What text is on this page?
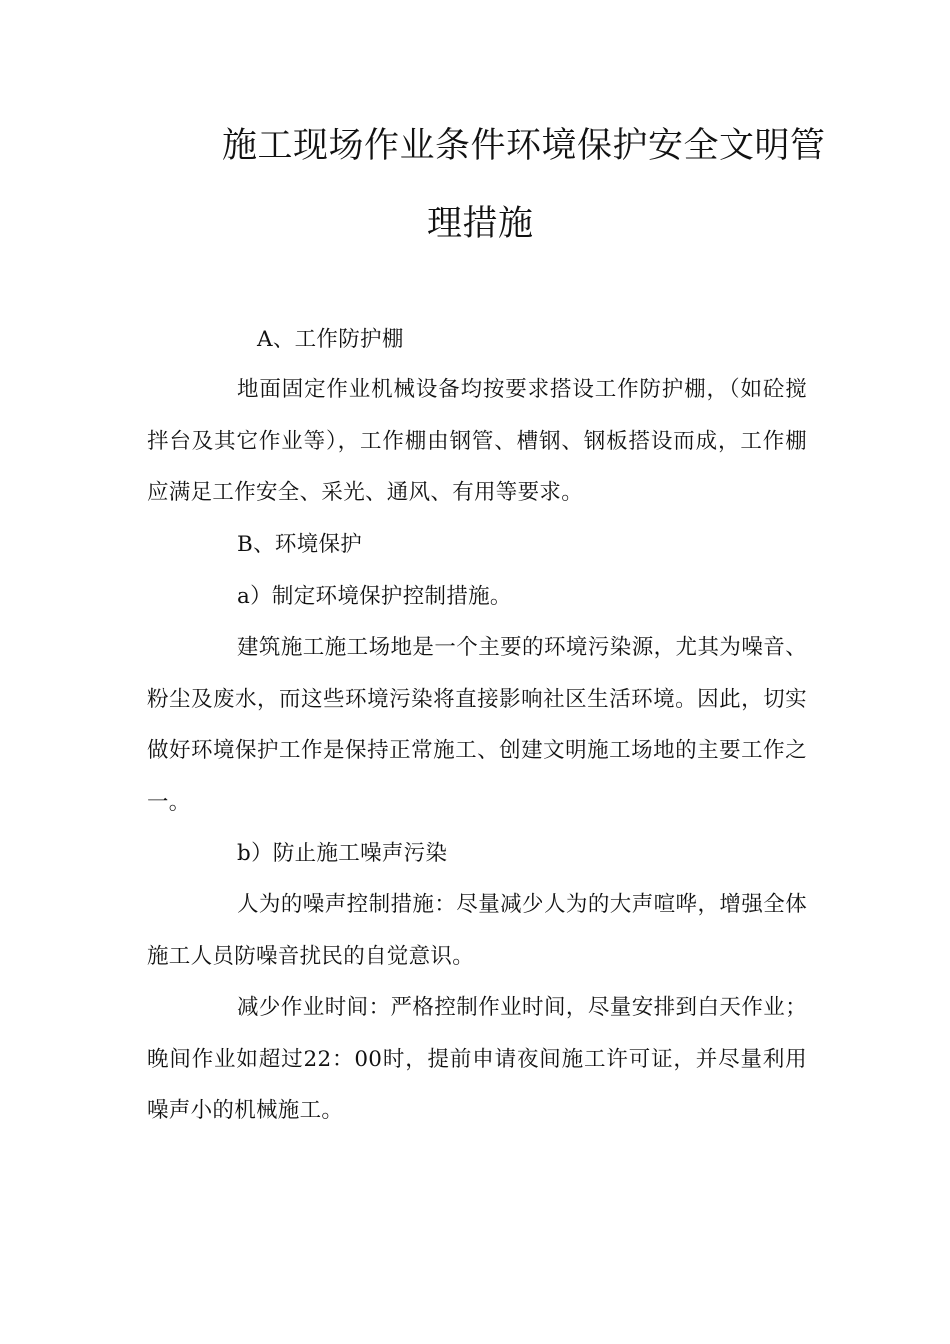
施工现场作业条件环境保护安全文明管
理措施
A、工作防护棚

地面固定作业机械设备均按要求搭设工作防护棚，（如砼搅拌台及其它作业等），工作棚由钢管、槽钢、钢板搭设而成，工作棚应满足工作安全、采光、通风、有用等要求。

B、环境保护
a）制定环境保护控制措施。

建筑施工施工场地是一个主要的环境污染源，尤其为噪音、粉尘及废水，而这些环境污染将直接影响社区生活环境。因此，切实做好环境保护工作是保持正常施工、创建文明施工场地的主要工作之一。

b）防止施工噪声污染

人为的噪声控制措施：尽量减少人为的大声喧哗，增强全体施工人员防噪音扰民的自觉意识。

减少作业时间：严格控制作业时间，尽量安排到白天作业；晚间作业如超过22：00时，提前申请夜间施工许可证，并尽量利用噪声小的机械施工。
